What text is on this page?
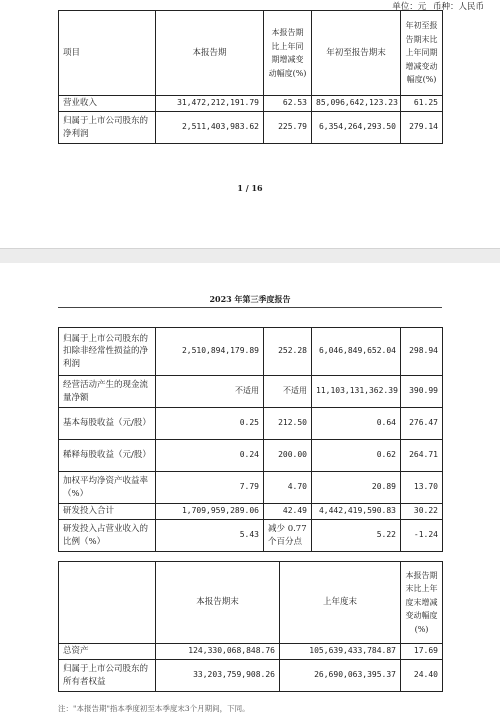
单位：元 币种：人民币
项目	本报告期	本报告期比上年同期增减变动幅度(%)	年初至报告期末	年初至报告期末比上年同期增减变动幅度(%)
营业收入	31,472,212,191.79	62.53	85,096,642,123.23	61.25
归属于上市公司股东的净利润	2,511,403,983.62	225.79	6,354,264,293.50	279.14
1 / 16
2023 年第三季度报告
归属于上市公司股东的扣除非经常性损益的净利润	2,510,894,179.89	252.28	6,046,849,652.04	298.94
经营活动产生的现金流量净额	不适用	不适用	11,103,131,362.39	390.99
基本每股收益（元/股）	0.25	212.50	0.64	276.47
稀释每股收益（元/股）	0.24	200.00	0.62	264.71
加权平均净资产收益率（%）	7.79	4.70	20.89	13.70
研发投入合计	1,709,959,289.06	42.49	4,442,419,590.83	30.22
研发投入占营业收入的比例（%）	5.43	减少 0.77 个百分点	5.22	-1.24
	本报告期末	上年度末	本报告期末比上年度末增减变动幅度(%)
总资产	124,330,068,848.76	105,639,433,784.87	17.69
归属于上市公司股东的所有者权益	33,203,759,908.26	26,690,063,395.37	24.40
注："本报告期"指本季度初至本季度末3个月期间，下同。
